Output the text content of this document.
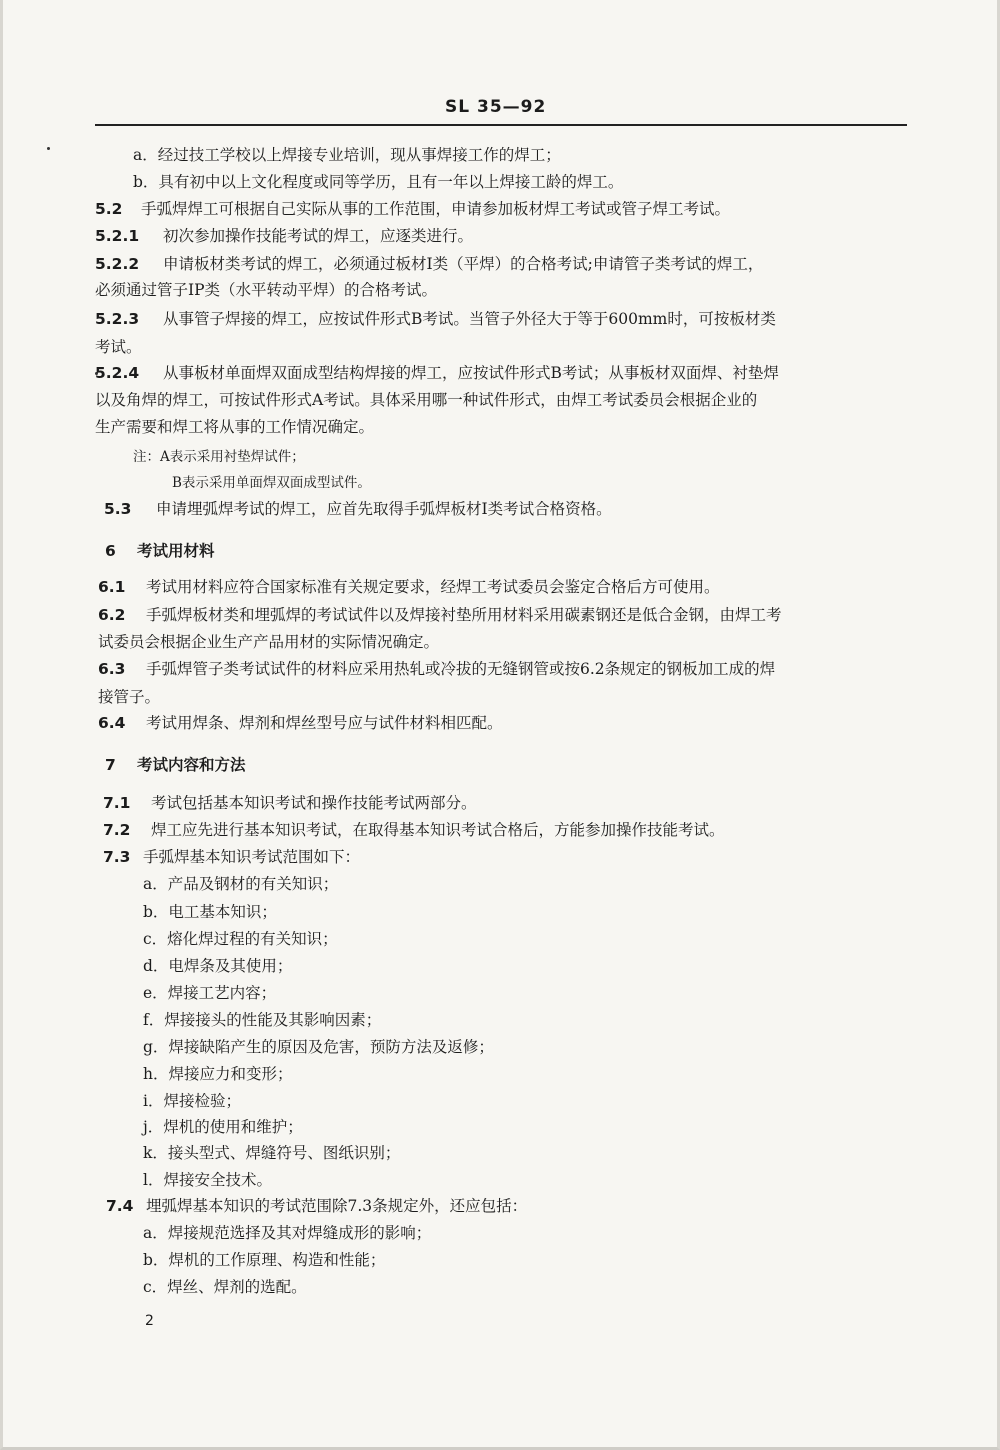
SL 35—92
a．经过技工学校以上焊接专业培训，现从事焊接工作的焊工；
b．具有初中以上文化程度或同等学历，且有一年以上焊接工龄的焊工。
5.2 手弧焊焊工可根据自己实际从事的工作范围，申请参加板材焊工考试或管子焊工考试。
5.2.1 初次参加操作技能考试的焊工，应逐类进行。
5.2.2 申请板材类考试的焊工，必须通过板材Ⅰ类（平焊）的合格考试;申请管子类考试的焊工，
必须通过管子ⅠP类（水平转动平焊）的合格考试。
5.2.3 从事管子焊接的焊工，应按试件形式B考试。当管子外径大于等于600mm时，可按板材类
考试。
5.2.4 从事板材单面焊双面成型结构焊接的焊工，应按试件形式B考试；从事板材双面焊、衬垫焊
以及角焊的焊工，可按试件形式A考试。具体采用哪一种试件形式，由焊工考试委员会根据企业的
生产需要和焊工将从事的工作情况确定。
注：A表示采用衬垫焊试件；
B表示采用单面焊双面成型试件。
5.3 申请埋弧焊考试的焊工，应首先取得手弧焊板材Ⅰ类考试合格资格。
6 考试用材料
6.1 考试用材料应符合国家标准有关规定要求，经焊工考试委员会鉴定合格后方可使用。
6.2 手弧焊板材类和埋弧焊的考试试件以及焊接衬垫所用材料采用碳素钢还是低合金钢，由焊工考
试委员会根据企业生产产品用材的实际情况确定。
6.3 手弧焊管子类考试试件的材料应采用热轧或冷拔的无缝钢管或按6.2条规定的钢板加工成的焊
接管子。
6.4 考试用焊条、焊剂和焊丝型号应与试件材料相匹配。
7 考试内容和方法
7.1 考试包括基本知识考试和操作技能考试两部分。
7.2 焊工应先进行基本知识考试，在取得基本知识考试合格后，方能参加操作技能考试。
7.3 手弧焊基本知识考试范围如下：
a．产品及钢材的有关知识；
b．电工基本知识；
c．熔化焊过程的有关知识；
d．电焊条及其使用；
e．焊接工艺内容；
f．焊接接头的性能及其影响因素；
g．焊接缺陷产生的原因及危害，预防方法及返修；
h．焊接应力和变形；
i．焊接检验；
j．焊机的使用和维护；
k．接头型式、焊缝符号、图纸识别；
l．焊接安全技术。
7.4 埋弧焊基本知识的考试范围除7.3条规定外，还应包括：
a．焊接规范选择及其对焊缝成形的影响；
b．焊机的工作原理、构造和性能；
c．焊丝、焊剂的选配。
2
